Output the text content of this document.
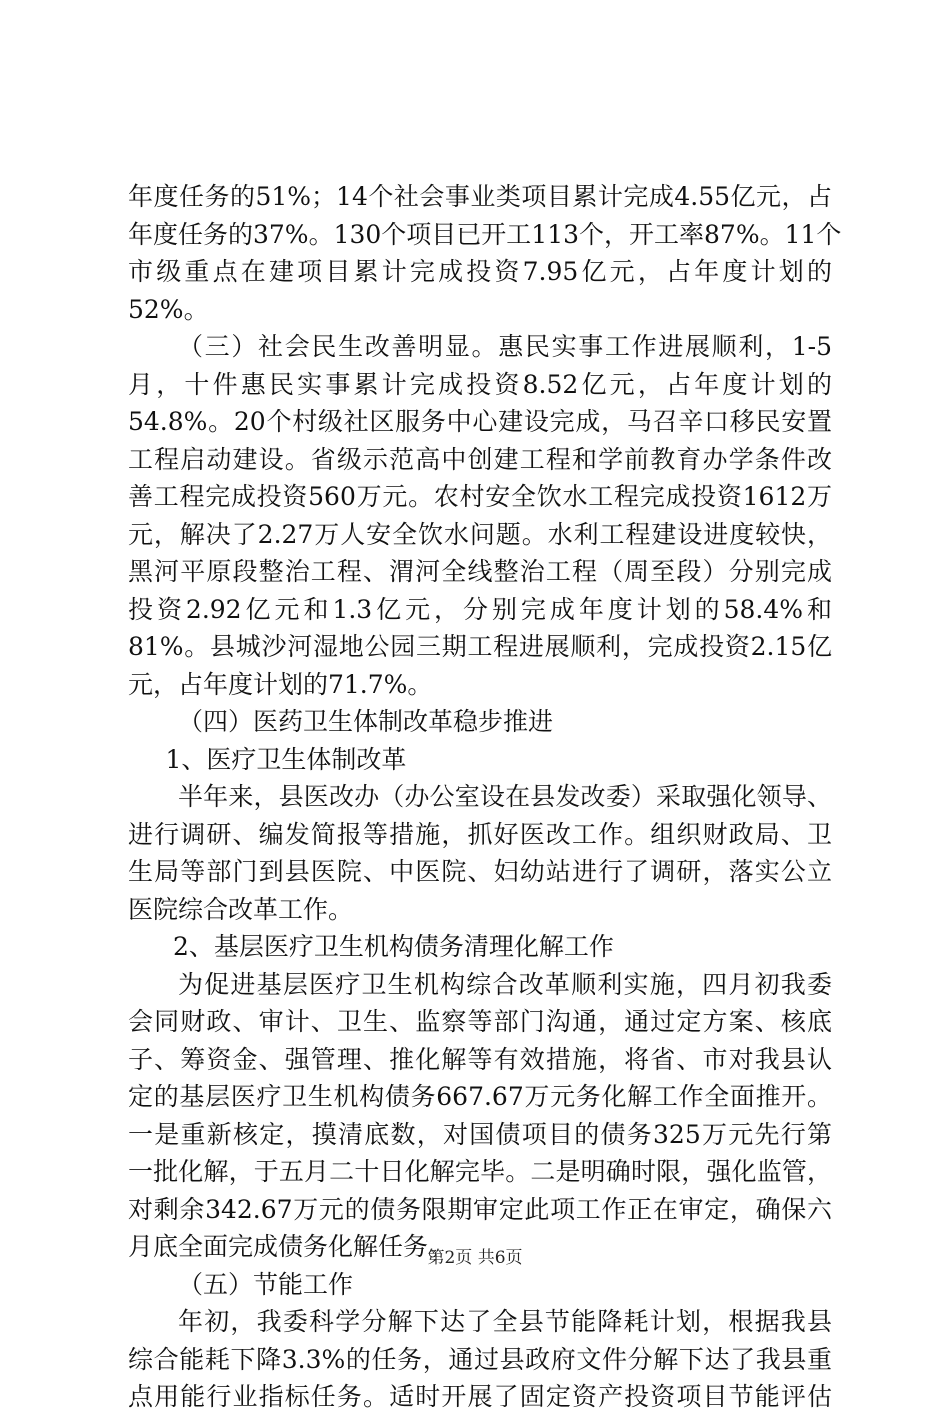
年度任务的51%；14个社会事业类项目累计完成4.55亿元，占
年度任务的37%。130个项目已开工113个，开工率87%。11个
市级重点在建项目累计完成投资7.95亿元，占年度计划的
52%。
（三）社会民生改善明显。惠民实事工作进展顺利，1-5
月，十件惠民实事累计完成投资8.52亿元，占年度计划的
54.8%。20个村级社区服务中心建设完成，马召辛口移民安置
工程启动建设。省级示范高中创建工程和学前教育办学条件改
善工程完成投资560万元。农村安全饮水工程完成投资1612万
元，解决了2.27万人安全饮水问题。水利工程建设进度较快，
黑河平原段整治工程、渭河全线整治工程（周至段）分别完成
投资2.92亿元和1.3亿元，分别完成年度计划的58.4%和
81%。县城沙河湿地公园三期工程进展顺利，完成投资2.15亿
元，占年度计划的71.7%。
（四）医药卫生体制改革稳步推进
1、医疗卫生体制改革
半年来，县医改办（办公室设在县发改委）采取强化领导、
进行调研、编发简报等措施，抓好医改工作。组织财政局、卫
生局等部门到县医院、中医院、妇幼站进行了调研，落实公立
医院综合改革工作。
2、基层医疗卫生机构债务清理化解工作
为促进基层医疗卫生机构综合改革顺利实施，四月初我委
会同财政、审计、卫生、监察等部门沟通，通过定方案、核底
子、筹资金、强管理、推化解等有效措施，将省、市对我县认
定的基层医疗卫生机构债务667.67万元务化解工作全面推开。
一是重新核定，摸清底数，对国债项目的债务325万元先行第
一批化解，于五月二十日化解完毕。二是明确时限，强化监管，
对剩余342.67万元的债务限期审定此项工作正在审定，确保六
月底全面完成债务化解任务。
（五）节能工作
年初，我委科学分解下达了全县节能降耗计划，根据我县
综合能耗下降3.3%的任务，通过县政府文件分解下达了我县重
点用能行业指标任务。适时开展了固定资产投资项目节能评估
第2页 共6页
